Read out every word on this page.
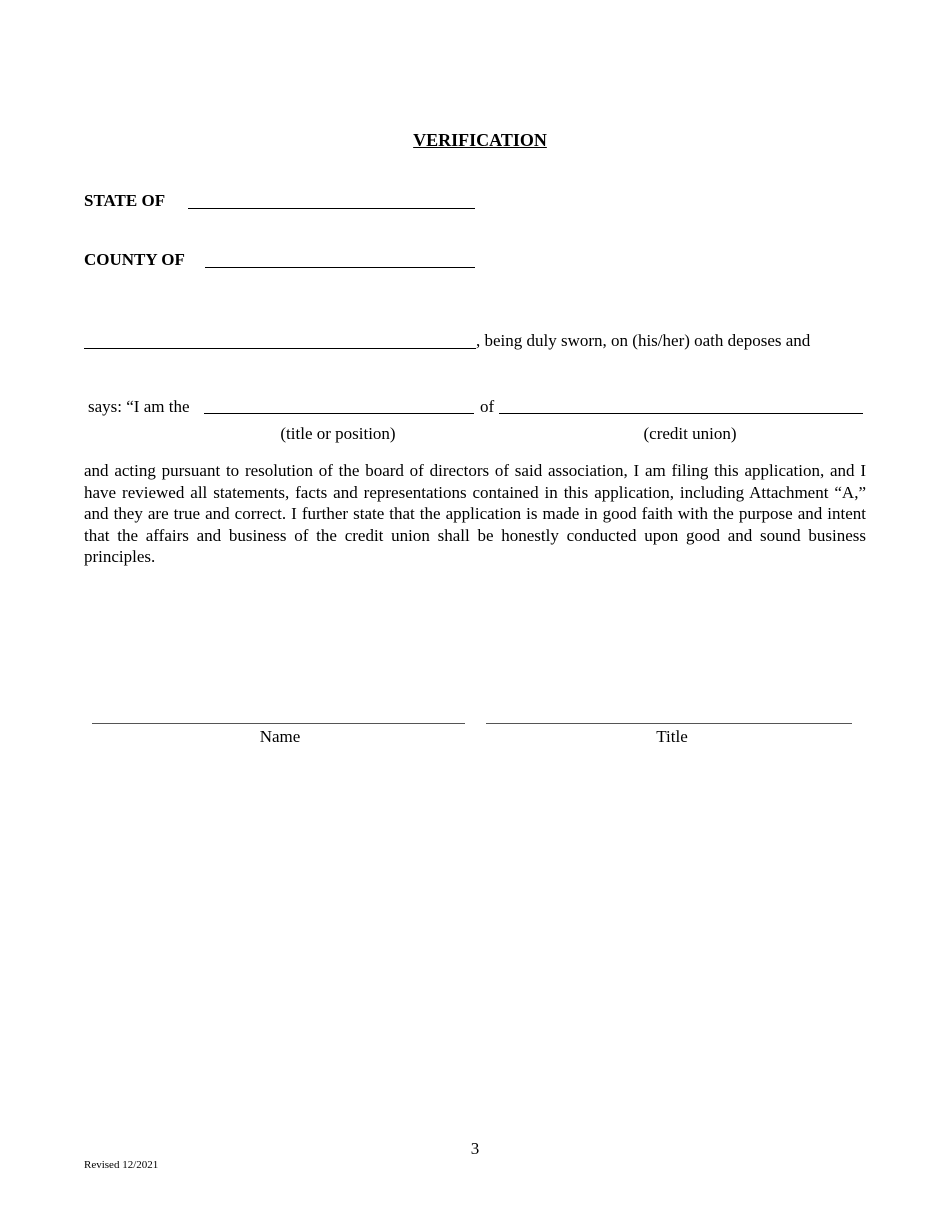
VERIFICATION
STATE OF
COUNTY OF
, being duly sworn, on (his/her) oath deposes and
says: “I am the	of
(title or position)	(credit union)
and acting pursuant to resolution of the board of directors of said association, I am filing this application, and I have reviewed all statements, facts and representations contained in this application, including Attachment “A,” and they are true and correct. I further state that the application is made in good faith with the purpose and intent that the affairs and business of the credit union shall be honestly conducted upon good and sound business principles.
Name	Title
3
Revised 12/2021
